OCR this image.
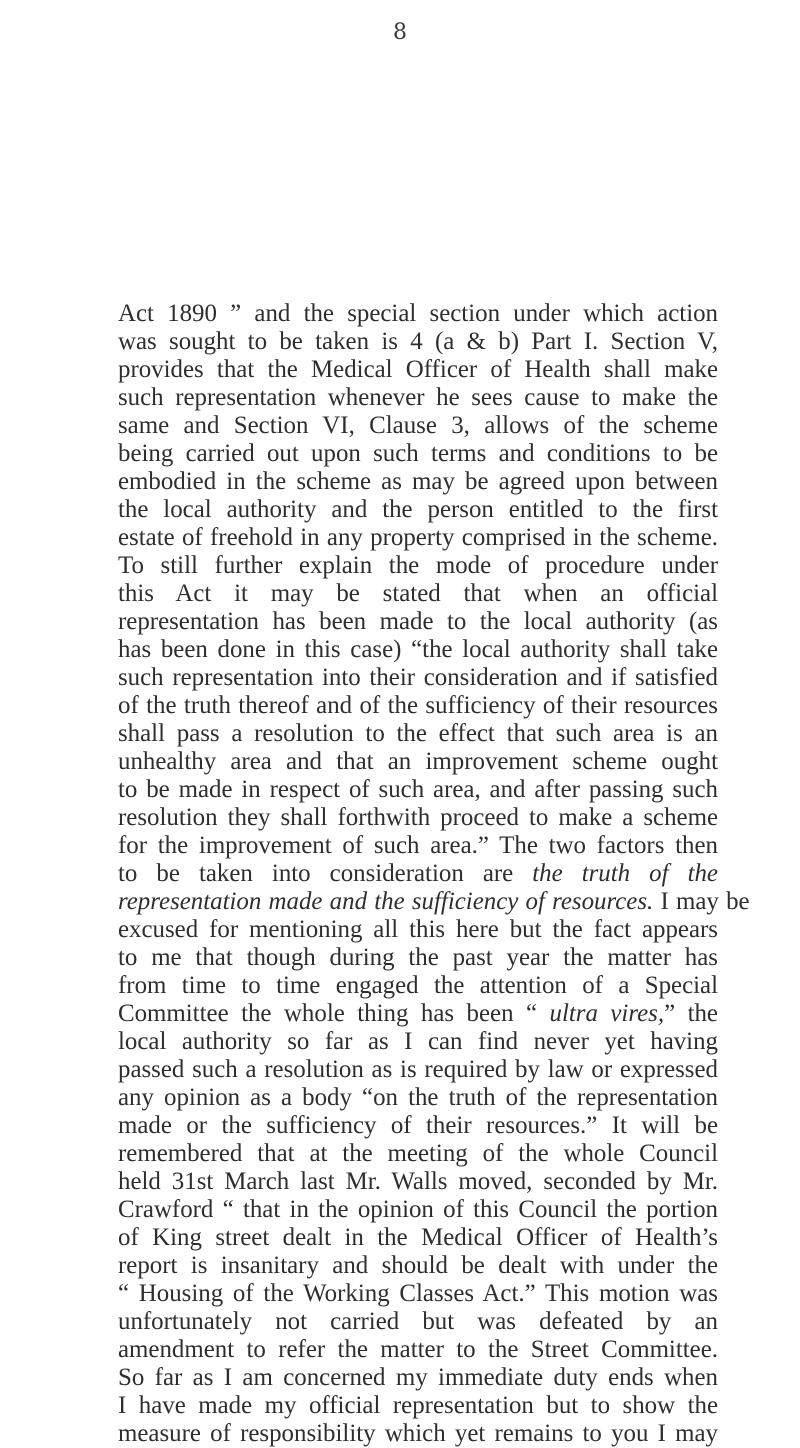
8
Act 1890 ” and the special section under which action
was sought to be taken is 4 (a & b) Part I. Section V,
provides that the Medical Officer of Health shall make
such representation whenever he sees cause to make the
same and Section VI, Clause 3, allows of the scheme
being carried out upon such terms and conditions to be
embodied in the scheme as may be agreed upon between
the local authority and the person entitled to the first
estate of freehold in any property comprised in the scheme.
To still further explain the mode of procedure under
this Act it may be stated that when an official
representation has been made to the local authority (as
has been done in this case) “the local authority shall take
such representation into their consideration and if satisfied
of the truth thereof and of the sufficiency of their resources
shall pass a resolution to the effect that such area is an
unhealthy area and that an improvement scheme ought
to be made in respect of such area, and after passing such
resolution they shall forthwith proceed to make a scheme
for the improvement of such area.” The two factors then
to be taken into consideration are the truth of the
representation made and the sufficiency of resources. I may be
excused for mentioning all this here but the fact appears
to me that though during the past year the matter has
from time to time engaged the attention of a Special
Committee the whole thing has been “ ultra vires,” the
local authority so far as I can find never yet having
passed such a resolution as is required by law or expressed
any opinion as a body “on the truth of the representation
made or the sufficiency of their resources.” It will be
remembered that at the meeting of the whole Council
held 31st March last Mr. Walls moved, seconded by Mr.
Crawford “ that in the opinion of this Council the portion
of King street dealt in the Medical Officer of Health’s
report is insanitary and should be dealt with under the
“ Housing of the Working Classes Act.” This motion was
unfortunately not carried but was defeated by an
amendment to refer the matter to the Street Committee.
So far as I am concerned my immediate duty ends when
I have made my official representation but to show the
measure of responsibility which yet remains to you I may
